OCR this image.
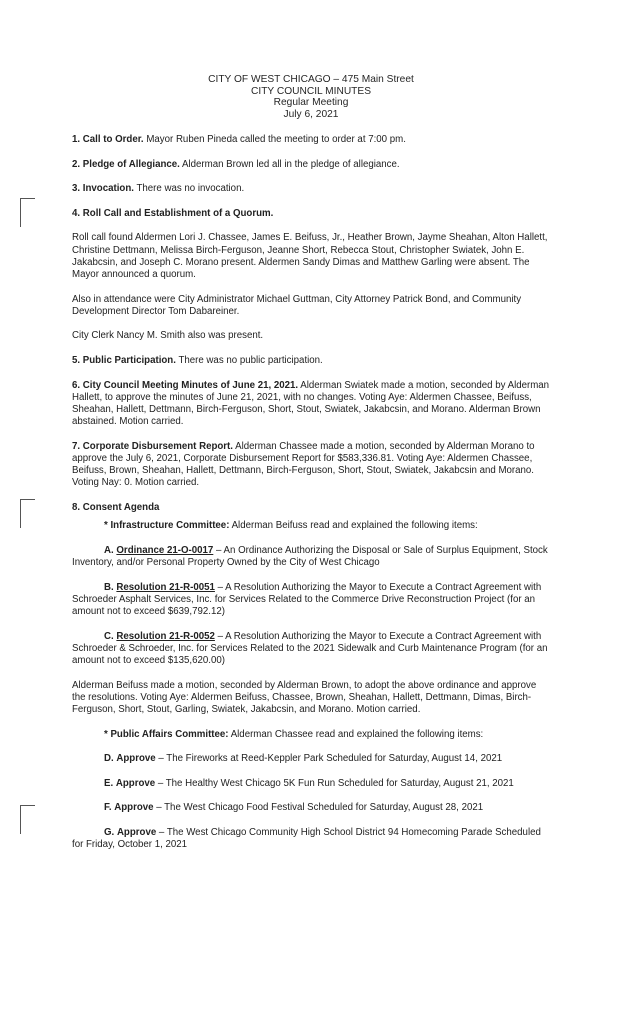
CITY OF WEST CHICAGO – 475 Main Street
CITY COUNCIL MINUTES
Regular Meeting
July 6, 2021

1. Call to Order. Mayor Ruben Pineda called the meeting to order at 7:00 pm.

2. Pledge of Allegiance. Alderman Brown led all in the pledge of allegiance.

3. Invocation. There was no invocation.

4. Roll Call and Establishment of a Quorum.

Roll call found Aldermen Lori J. Chassee, James E. Beifuss, Jr., Heather Brown, Jayme Sheahan, Alton Hallett, Christine Dettmann, Melissa Birch-Ferguson, Jeanne Short, Rebecca Stout, Christopher Swiatek, John E. Jakabcsin, and Joseph C. Morano present. Aldermen Sandy Dimas and Matthew Garling were absent. The Mayor announced a quorum.

Also in attendance were City Administrator Michael Guttman, City Attorney Patrick Bond, and Community Development Director Tom Dabareiner.

City Clerk Nancy M. Smith also was present.

5. Public Participation. There was no public participation.

6. City Council Meeting Minutes of June 21, 2021. Alderman Swiatek made a motion, seconded by Alderman Hallett, to approve the minutes of June 21, 2021, with no changes. Voting Aye: Aldermen Chassee, Beifuss, Sheahan, Hallett, Dettmann, Birch-Ferguson, Short, Stout, Swiatek, Jakabcsin, and Morano. Alderman Brown abstained. Motion carried.

7. Corporate Disbursement Report. Alderman Chassee made a motion, seconded by Alderman Morano to approve the July 6, 2021, Corporate Disbursement Report for $583,336.81. Voting Aye: Aldermen Chassee, Beifuss, Brown, Sheahan, Hallett, Dettmann, Birch-Ferguson, Short, Stout, Swiatek, Jakabcsin and Morano. Voting Nay: 0. Motion carried.

8. Consent Agenda

* Infrastructure Committee: Alderman Beifuss read and explained the following items:

A. Ordinance 21-O-0017 – An Ordinance Authorizing the Disposal or Sale of Surplus Equipment, Stock Inventory, and/or Personal Property Owned by the City of West Chicago

B. Resolution 21-R-0051 – A Resolution Authorizing the Mayor to Execute a Contract Agreement with Schroeder Asphalt Services, Inc. for Services Related to the Commerce Drive Reconstruction Project (for an amount not to exceed $639,792.12)

C. Resolution 21-R-0052 – A Resolution Authorizing the Mayor to Execute a Contract Agreement with Schroeder & Schroeder, Inc. for Services Related to the 2021 Sidewalk and Curb Maintenance Program (for an amount not to exceed $135,620.00)

Alderman Beifuss made a motion, seconded by Alderman Brown, to adopt the above ordinance and approve the resolutions. Voting Aye: Aldermen Beifuss, Chassee, Brown, Sheahan, Hallett, Dettmann, Dimas, Birch-Ferguson, Short, Stout, Garling, Swiatek, Jakabcsin, and Morano. Motion carried.

* Public Affairs Committee: Alderman Chassee read and explained the following items:

D. Approve – The Fireworks at Reed-Keppler Park Scheduled for Saturday, August 14, 2021

E. Approve – The Healthy West Chicago 5K Fun Run Scheduled for Saturday, August 21, 2021

F. Approve – The West Chicago Food Festival Scheduled for Saturday, August 28, 2021

G. Approve – The West Chicago Community High School District 94 Homecoming Parade Scheduled for Friday, October 1, 2021
